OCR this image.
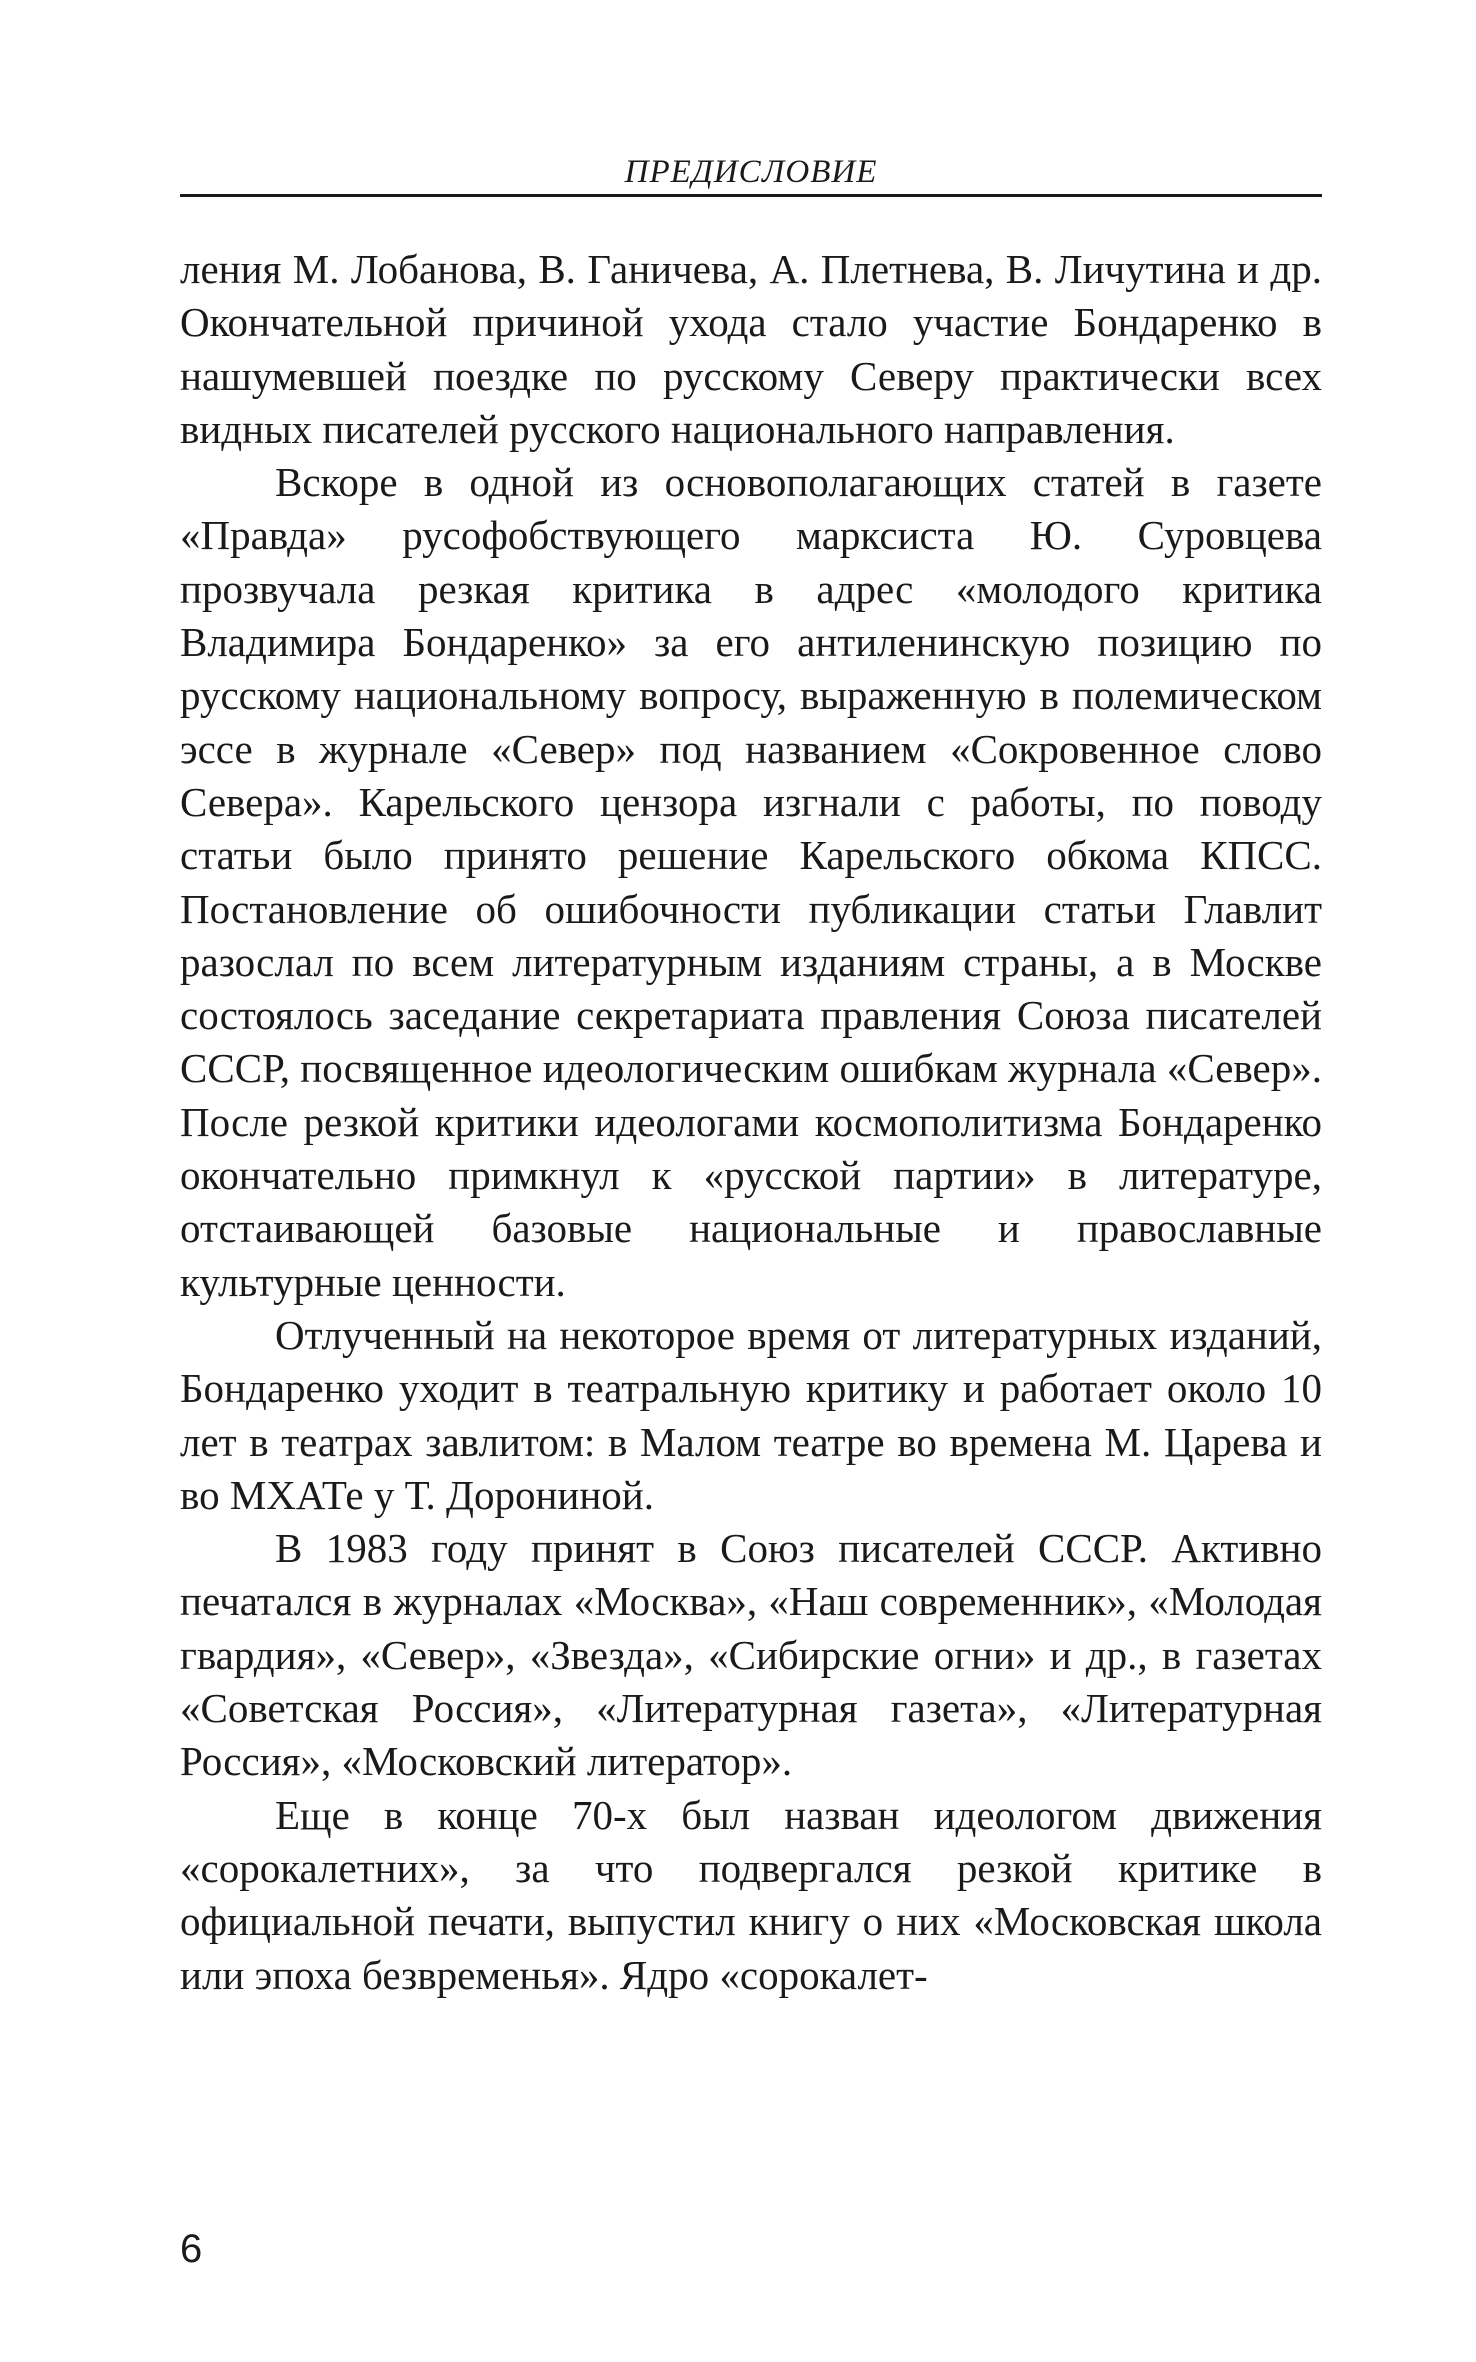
ПРЕДИСЛОВИЕ

ления М. Лобанова, В. Ганичева, А. Плетнева, В. Личутина и др. Окончательной причиной ухода стало участие Бондаренко в нашумевшей поездке по русскому Северу практически всех видных писателей русского национального направления.

Вскоре в одной из основополагающих статей в газете «Правда» русофобствующего марксиста Ю. Суровцева прозвучала резкая критика в адрес «молодого критика Владимира Бондаренко» за его антиленинскую позицию по русскому национальному вопросу, выраженную в полемическом эссе в журнале «Север» под названием «Сокровенное слово Севера». Карельского цензора изгнали с работы, по поводу статьи было принято решение Карельского обкома КПСС. Постановление об ошибочности публикации статьи Главлит разослал по всем литературным изданиям страны, а в Москве состоялось заседание секретариата правления Союза писателей СССР, посвященное идеологическим ошибкам журнала «Север». После резкой критики идеологами космополитизма Бондаренко окончательно примкнул к «русской партии» в литературе, отстаивающей базовые национальные и православные культурные ценности.

Отлученный на некоторое время от литературных изданий, Бондаренко уходит в театральную критику и работает около 10 лет в театрах завлитом: в Малом театре во времена М. Царева и во МХАТе у Т. Дорониной.

В 1983 году принят в Союз писателей СССР. Активно печатался в журналах «Москва», «Наш современник», «Молодая гвардия», «Север», «Звезда», «Сибирские огни» и др., в газетах «Советская Россия», «Литературная газета», «Литературная Россия», «Московский литератор».

Еще в конце 70-х был назван идеологом движения «сорокалетних», за что подвергался резкой критике в официальной печати, выпустил книгу о них «Московская школа или эпоха безвременья». Ядро «сорокалет-

6
